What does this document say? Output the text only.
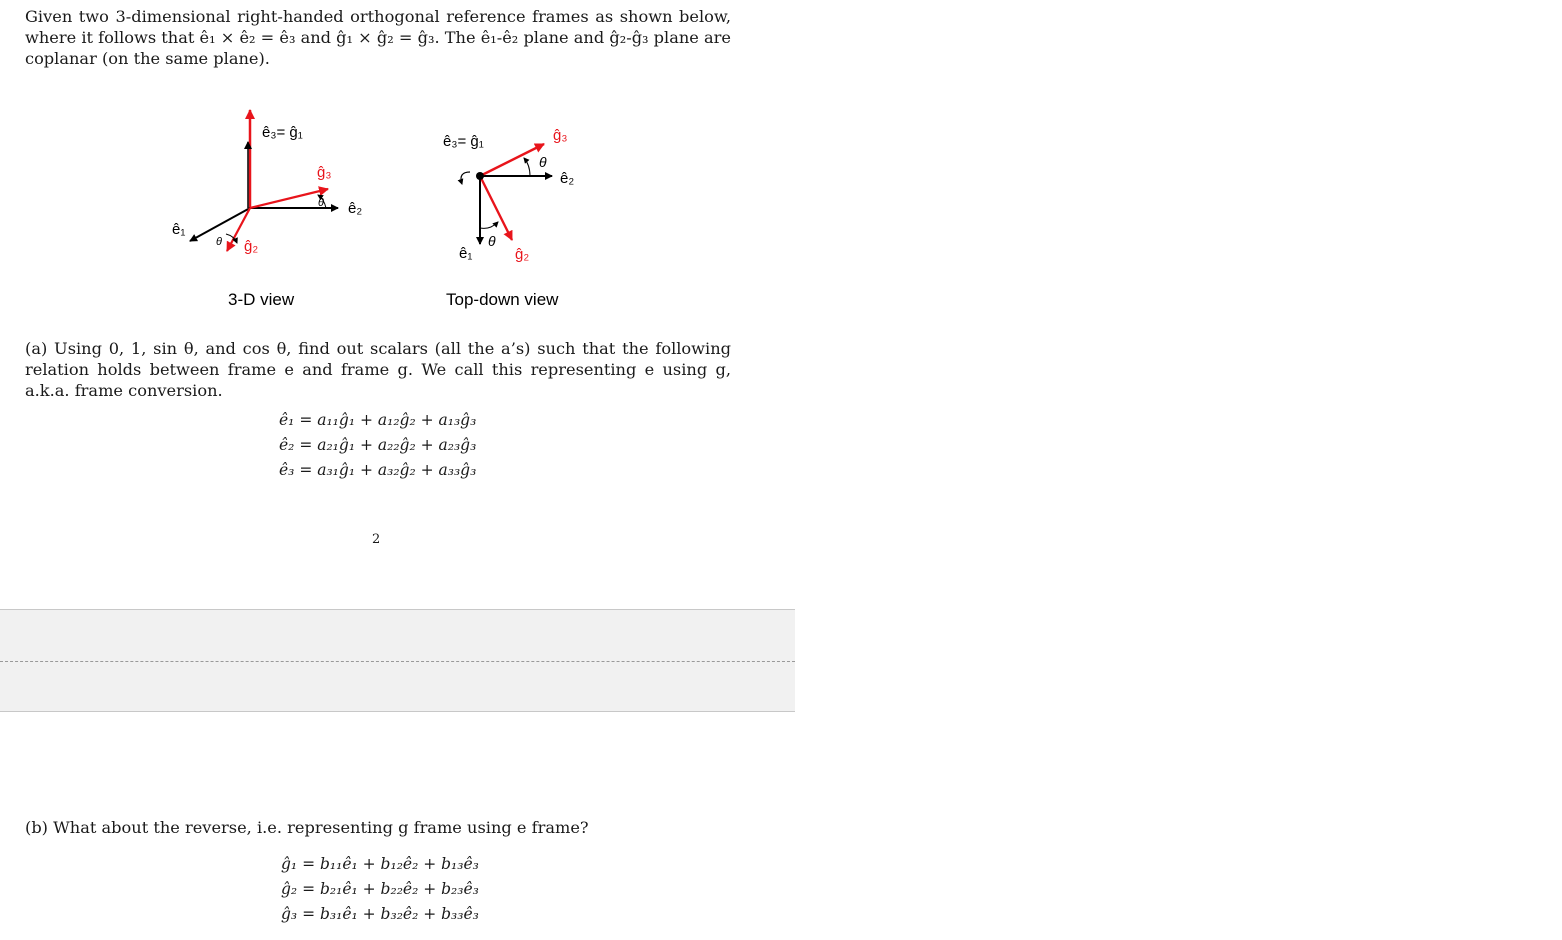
Given two 3-dimensional right-handed orthogonal reference frames as shown below, where it follows that ê₁ × ê₂ = ê₃ and ĝ₁ × ĝ₂ = ĝ₃. The ê₁-ê₂ plane and ĝ₂-ĝ₃ plane are coplanar (on the same plane).

ê₃= ĝ₁
ĝ₃
θ ê₂
ê₁
θ ĝ₂
ê₃= ĝ₁	ĝ₃
θ
ê₂
θ
ê₁	ĝ₂
3-D view	Top-down view

(a) Using 0, 1, sin θ, and cos θ, find out scalars (all the a’s) such that the following relation holds between frame e and frame g. We call this representing e using g, a.k.a. frame conversion.

ê₁ = a₁₁ĝ₁ + a₁₂ĝ₂ + a₁₃ĝ₃
ê₂ = a₂₁ĝ₁ + a₂₂ĝ₂ + a₂₃ĝ₃
ê₃ = a₃₁ĝ₁ + a₃₂ĝ₂ + a₃₃ĝ₃
2

(b) What about the reverse, i.e. representing g frame using e frame?

ĝ₁ = b₁₁ê₁ + b₁₂ê₂ + b₁₃ê₃
ĝ₂ = b₂₁ê₁ + b₂₂ê₂ + b₂₃ê₃
ĝ₃ = b₃₁ê₁ + b₃₂ê₂ + b₃₃ê₃
